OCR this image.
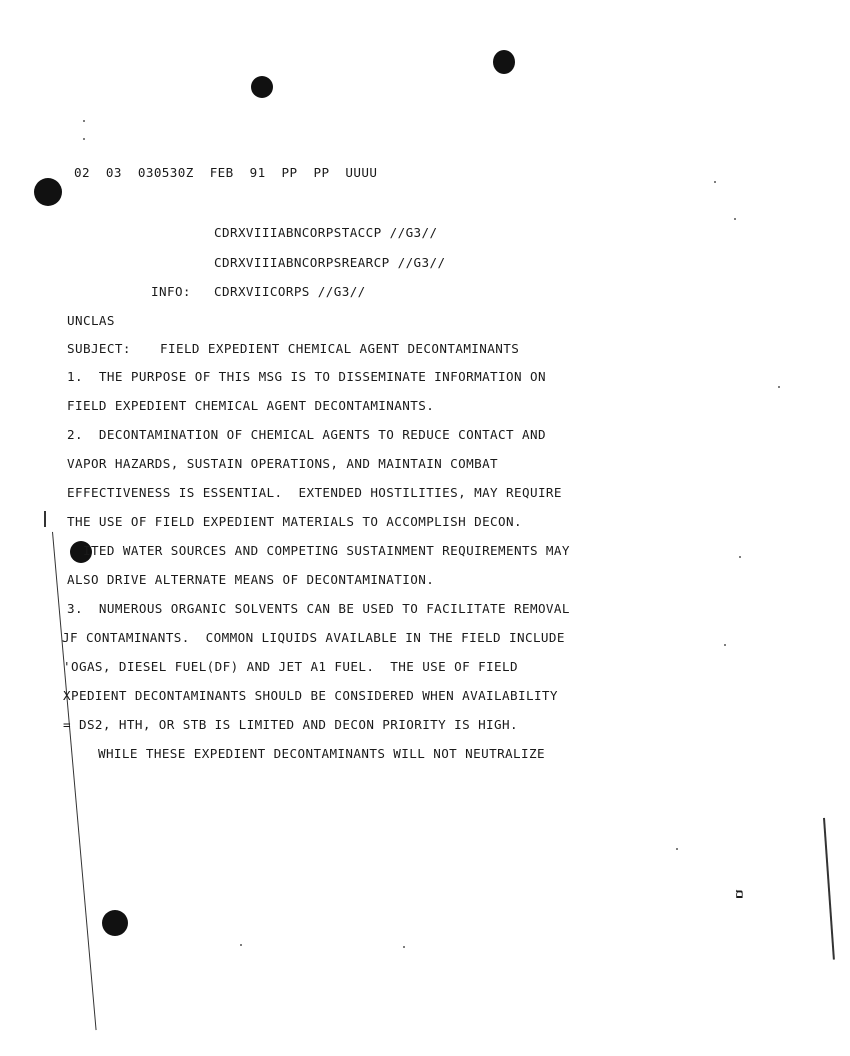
02  03  030530Z  FEB  91  PP  PP  UUUU
CDRXVIIIABNCORPSTACCP //G3//
CDRXVIIIABNCORPSREARCP //G3//
INFO: CDRXVIICORPS //G3//
UNCLAS
SUBJECT: FIELD EXPEDIENT CHEMICAL AGENT DECONTAMINANTS
1.  THE PURPOSE OF THIS MSG IS TO DISSEMINATE INFORMATION ON
FIELD EXPEDIENT CHEMICAL AGENT DECONTAMINANTS.
2.  DECONTAMINATION OF CHEMICAL AGENTS TO REDUCE CONTACT AND
VAPOR HAZARDS, SUSTAIN OPERATIONS, AND MAINTAIN COMBAT
EFFECTIVENESS IS ESSENTIAL.  EXTENDED HOSTILITIES, MAY REQUIRE
THE USE OF FIELD EXPEDIENT MATERIALS TO ACCOMPLISH DECON.
ITED WATER SOURCES AND COMPETING SUSTAINMENT REQUIREMENTS MAY
ALSO DRIVE ALTERNATE MEANS OF DECONTAMINATION.
3.  NUMEROUS ORGANIC SOLVENTS CAN BE USED TO FACILITATE REMOVAL
JF CONTAMINANTS.  COMMON LIQUIDS AVAILABLE IN THE FIELD INCLUDE
'OGAS, DIESEL FUEL(DF) AND JET A1 FUEL.  THE USE OF FIELD
XPEDIENT DECONTAMINANTS SHOULD BE CONSIDERED WHEN AVAILABILITY
= DS2, HTH, OR STB IS LIMITED AND DECON PRIORITY IS HIGH.
WHILE THESE EXPEDIENT DECONTAMINANTS WILL NOT NEUTRALIZE
ם
